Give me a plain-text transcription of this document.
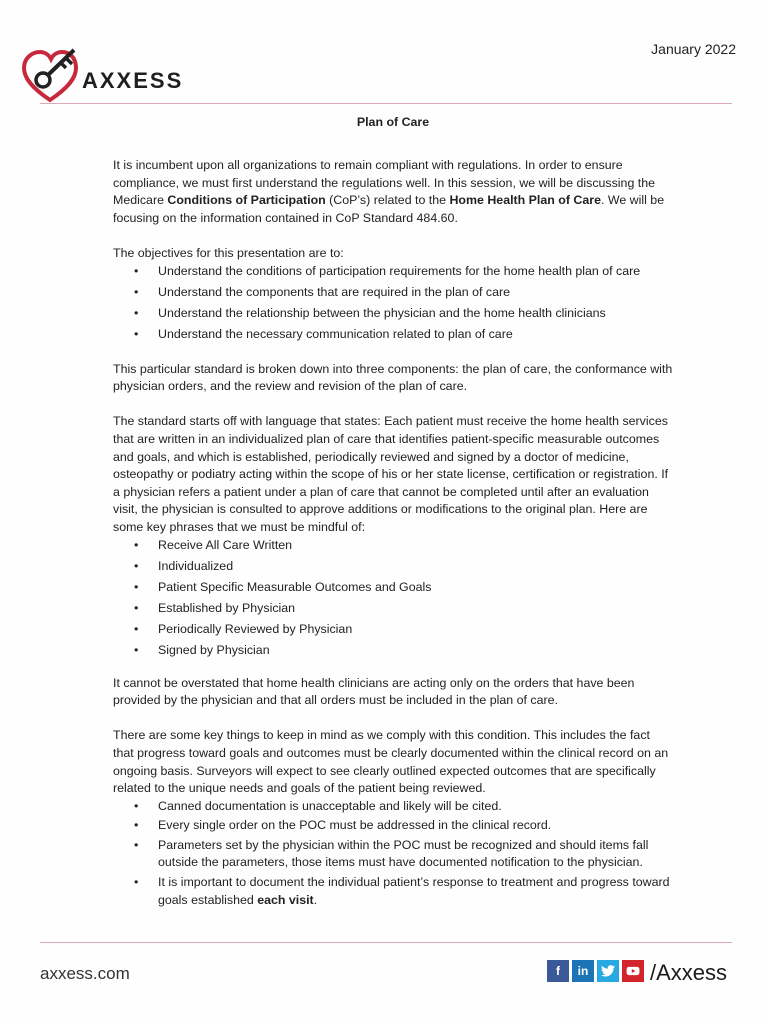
AXXESS
January 2022

Plan of Care

It is incumbent upon all organizations to remain compliant with regulations. In order to ensure compliance, we must first understand the regulations well. In this session, we will be discussing the Medicare Conditions of Participation (CoP’s) related to the Home Health Plan of Care. We will be focusing on the information contained in CoP Standard 484.60.

The objectives for this presentation are to:

• Understand the conditions of participation requirements for the home health plan of care
• Understand the components that are required in the plan of care
• Understand the relationship between the physician and the home health clinicians
• Understand the necessary communication related to plan of care

This particular standard is broken down into three components: the plan of care, the conformance with physician orders, and the review and revision of the plan of care.

The standard starts off with language that states: Each patient must receive the home health services that are written in an individualized plan of care that identifies patient-specific measurable outcomes and goals, and which is established, periodically reviewed and signed by a doctor of medicine, osteopathy or podiatry acting within the scope of his or her state license, certification or registration. If a physician refers a patient under a plan of care that cannot be completed until after an evaluation visit, the physician is consulted to approve additions or modifications to the original plan. Here are some key phrases that we must be mindful of:

• Receive All Care Written
• Individualized
• Patient Specific Measurable Outcomes and Goals
• Established by Physician
• Periodically Reviewed by Physician
• Signed by Physician

It cannot be overstated that home health clinicians are acting only on the orders that have been provided by the physician and that all orders must be included in the plan of care.

There are some key things to keep in mind as we comply with this condition. This includes the fact that progress toward goals and outcomes must be clearly documented within the clinical record on an ongoing basis. Surveyors will expect to see clearly outlined expected outcomes that are specifically related to the unique needs and goals of the patient being reviewed.

• Canned documentation is unacceptable and likely will be cited.
• Every single order on the POC must be addressed in the clinical record.
• Parameters set by the physician within the POC must be recognized and should items fall outside the parameters, those items must have documented notification to the physician.
• It is important to document the individual patient’s response to treatment and progress toward goals established each visit.
axxess.com	f	in	/Axxess
